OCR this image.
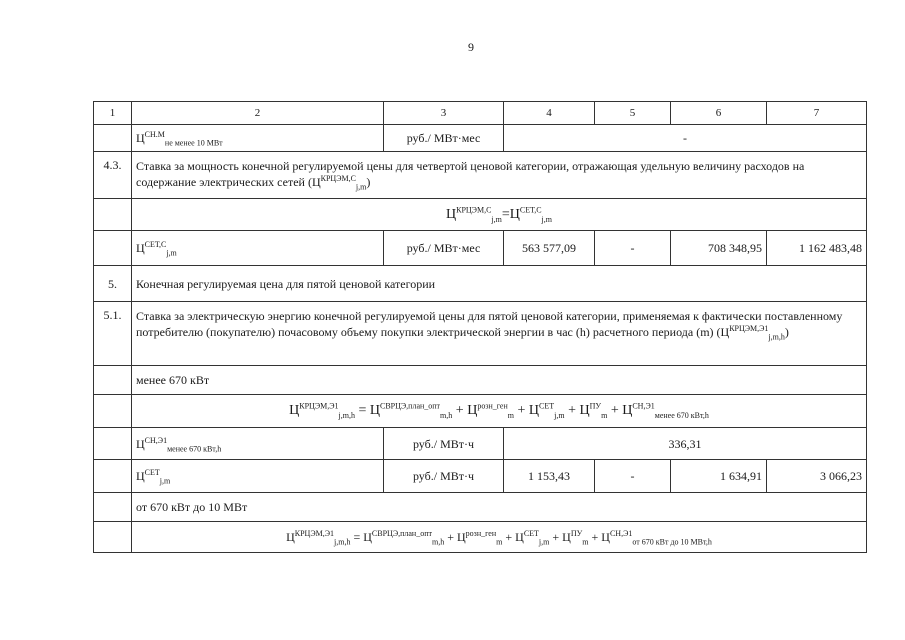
9
1	2	3	4	5	6	7
	$Ц^{СН.М}_{не менее 10 МВт}$	руб./ МВт·мес	-			
4.3.	Ставка за мощность конечной регулируемой цены для четвертой ценовой категории, отражающая удельную величину расходов на содержание электрических сетей $(Ц^{КРЦЭМ,С}_{j,m})$					
	$Ц^{КРЦЭМ,С}_{j,m}=Ц^{СЕТ,С}_{j,m}$
	$Ц^{СЕТ,С}_{j,m}$	руб./ МВт·мес	563 577,09	-	708 348,95	1 162 483,48
5.	Конечная регулируемая цена для пятой ценовой категории					
5.1.	Ставка за электрическую энергию конечной регулируемой цены для пятой ценовой категории, применяемая к фактически поставленному потребителю (покупателю) почасовому объему покупки электрической энергии в час (h) расчетного периода (m) $(Ц^{КРЦЭМ,Э1}_{j,m,h})$					
	менее 670 кВт					
	$Ц^{КРЦЭМ,Э1}_{j,m,h} = Ц^{СВРЦЭ,план\_опт}_{m,h} + Ц^{розн\_ген}_m + Ц^{СЕТ}_{j,m} + Ц^{ПУ}_m + Ц^{СН,Э1}_{менее 670 кВт,h}$
	$Ц^{СН,Э1}_{менее 670 кВт,h}$	руб./ МВт·ч	336,31			
	$Ц^{СЕТ}_{j,m}$	руб./ МВт·ч	1 153,43	-	1 634,91	3 066,23
	от 670 кВт до 10 МВт					
	$Ц^{КРЦЭМ,Э1}_{j,m,h} = Ц^{СВРЦЭ,план\_опт}_{m,h} + Ц^{розн\_ген}_m + Ц^{СЕТ}_{j,m} + Ц^{ПУ}_m + Ц^{СН,Э1}_{от 670 кВт до 10 МВт,h}$
